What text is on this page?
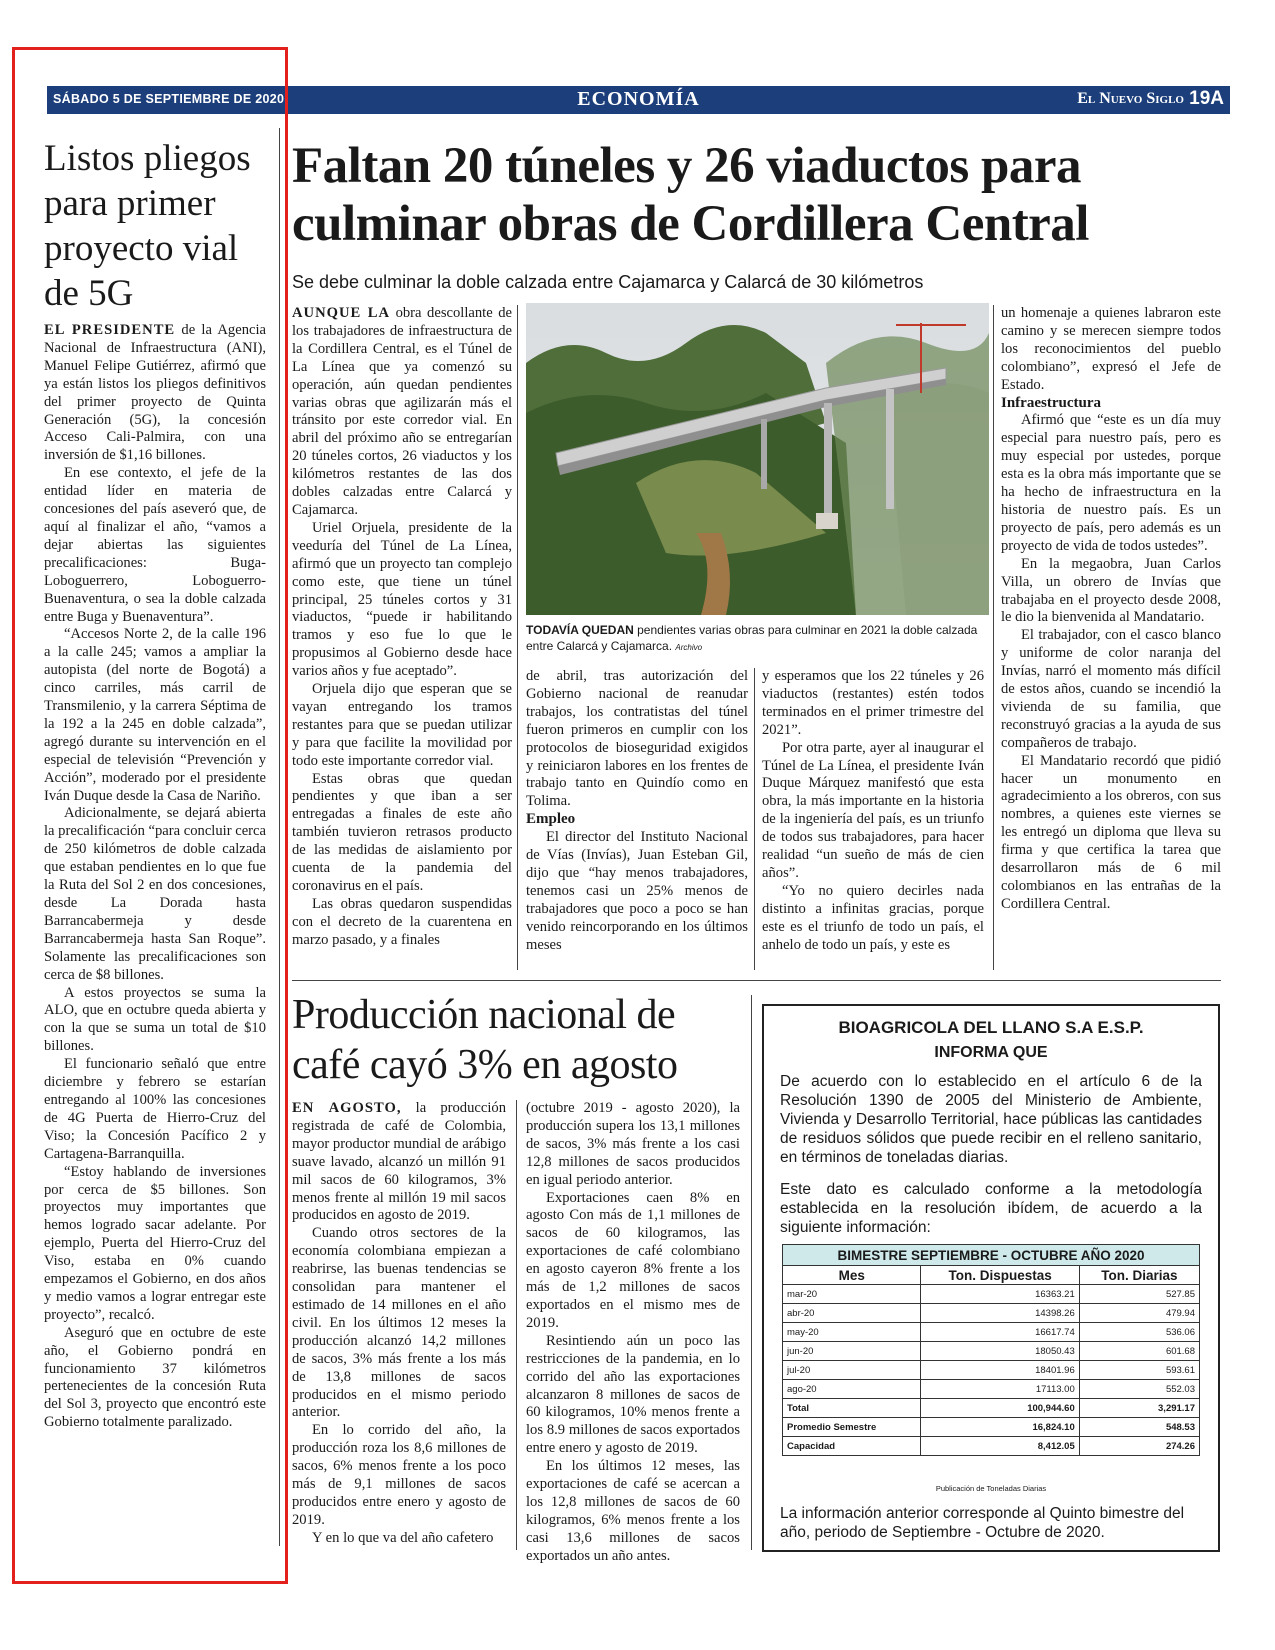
SÁBADO 5 DE SEPTIEMBRE DE 2020	ECONOMÍA	El Nuevo Siglo 19A
Listos pliegos para primer proyecto vial de 5G

EL PRESIDENTE de la Agencia Nacional de Infraestructura (ANI), Manuel Felipe Gutiérrez, afirmó que ya están listos los pliegos definitivos del primer proyecto de Quinta Generación (5G), la concesión Acceso Cali-Palmira, con una inversión de $1,16 billones.

En ese contexto, el jefe de la entidad líder en materia de concesiones del país aseveró que, de aquí al finalizar el año, “vamos a dejar abiertas las siguientes precalificaciones: Buga-Loboguerrero, Loboguerro-Buenaventura, o sea la doble calzada entre Buga y Buenaventura”.

“Accesos Norte 2, de la calle 196 a la calle 245; vamos a ampliar la autopista (del norte de Bogotá) a cinco carriles, más carril de Transmilenio, y la carrera Séptima de la 192 a la 245 en doble calzada”, agregó durante su intervención en el especial de televisión “Prevención y Acción”, moderado por el presidente Iván Duque desde la Casa de Nariño.

Adicionalmente, se dejará abierta la precalificación “para concluir cerca de 250 kilómetros de doble calzada que estaban pendientes en lo que fue la Ruta del Sol 2 en dos concesiones, desde La Dorada hasta Barrancabermeja y desde Barrancabermeja hasta San Roque”. Solamente las precalificaciones son cerca de $8 billones.

A estos proyectos se suma la ALO, que en octubre queda abierta y con la que se suma un total de $10 billones.

El funcionario señaló que entre diciembre y febrero se estarían entregando al 100% las concesiones de 4G Puerta de Hierro-Cruz del Viso; la Concesión Pacífico 2 y Cartagena-Barranquilla.

“Estoy hablando de inversiones por cerca de $5 billones. Son proyectos muy importantes que hemos logrado sacar adelante. Por ejemplo, Puerta del Hierro-Cruz del Viso, estaba en 0% cuando empezamos el Gobierno, en dos años y medio vamos a lograr entregar este proyecto”, recalcó.

Aseguró que en octubre de este año, el Gobierno pondrá en funcionamiento 37 kilómetros pertenecientes de la concesión Ruta del Sol 3, proyecto que encontró este Gobierno totalmente paralizado.

Faltan 20 túneles y 26 viaductos para culminar obras de Cordillera Central
Se debe culminar la doble calzada entre Cajamarca y Calarcá de 30 kilómetros

AUNQUE LA obra descollante de los trabajadores de infraestructura de la Cordillera Central, es el Túnel de La Línea que ya comenzó su operación, aún quedan pendientes varias obras que agilizarán más el tránsito por este corredor vial. En abril del próximo año se entregarían 20 túneles cortos, 26 viaductos y los kilómetros restantes de las dos dobles calzadas entre Calarcá y Cajamarca.

Uriel Orjuela, presidente de la veeduría del Túnel de La Línea, afirmó que un proyecto tan complejo como este, que tiene un túnel principal, 25 túneles cortos y 31 viaductos, “puede ir habilitando tramos y eso fue lo que le propusimos al Gobierno desde hace varios años y fue aceptado”.

Orjuela dijo que esperan que se vayan entregando los tramos restantes para que se puedan utilizar y para que facilite la movilidad por todo este importante corredor vial.

Estas obras que quedan pendientes y que iban a ser entregadas a finales de este año también tuvieron retrasos producto de las medidas de aislamiento por cuenta de la pandemia del coronavirus en el país.

Las obras quedaron suspendidas con el decreto de la cuarentena en marzo pasado, y a finales

TODAVÍA QUEDAN pendientes varias obras para culminar en 2021 la doble calzada entre Calarcá y Cajamarca. Archivo

de abril, tras autorización del Gobierno nacional de reanudar trabajos, los contratistas del túnel fueron primeros en cumplir con los protocolos de bioseguridad exigidos y reiniciaron labores en los frentes de trabajo tanto en Quindío como en Tolima.

Empleo

El director del Instituto Nacional de Vías (Invías), Juan Esteban Gil, dijo que “hay menos trabajadores, tenemos casi un 25% menos de trabajadores que poco a poco se han venido reincorporando en los últimos meses

y esperamos que los 22 túneles y 26 viaductos (restantes) estén todos terminados en el primer trimestre del 2021”.

Por otra parte, ayer al inaugurar el Túnel de La Línea, el presidente Iván Duque Márquez manifestó que esta obra, la más importante en la historia de la ingeniería del país, es un triunfo de todos sus trabajadores, para hacer realidad “un sueño de más de cien años”.

“Yo no quiero decirles nada distinto a infinitas gracias, porque este es el triunfo de todo un país, el anhelo de todo un país, y este es

un homenaje a quienes labraron este camino y se merecen siempre todos los reconocimientos del pueblo colombiano”, expresó el Jefe de Estado.

Infraestructura

Afirmó que “este es un día muy especial para nuestro país, pero es muy especial por ustedes, porque esta es la obra más importante que se ha hecho de infraestructura en la historia de nuestro país. Es un proyecto de país, pero además es un proyecto de vida de todos ustedes”.

En la megaobra, Juan Carlos Villa, un obrero de Invías que trabajaba en el proyecto desde 2008, le dio la bienvenida al Mandatario.

El trabajador, con el casco blanco y uniforme de color naranja del Invías, narró el momento más difícil de estos años, cuando se incendió la vivienda de su familia, que reconstruyó gracias a la ayuda de sus compañeros de trabajo.

El Mandatario recordó que pidió hacer un monumento en agradecimiento a los obreros, con sus nombres, a quienes este viernes se les entregó un diploma que lleva su firma y que certifica la tarea que desarrollaron más de 6 mil colombianos en las entrañas de la Cordillera Central.

Producción nacional de café cayó 3% en agosto

EN AGOSTO, la producción registrada de café de Colombia, mayor productor mundial de arábigo suave lavado, alcanzó un millón 91 mil sacos de 60 kilogramos, 3% menos frente al millón 19 mil sacos producidos en agosto de 2019.

Cuando otros sectores de la economía colombiana empiezan a reabrirse, las buenas tendencias se consolidan para mantener el estimado de 14 millones en el año civil. En los últimos 12 meses la producción alcanzó 14,2 millones de sacos, 3% más frente a los más de 13,8 millones de sacos producidos en el mismo periodo anterior.

En lo corrido del año, la producción roza los 8,6 millones de sacos, 6% menos frente a los poco más de 9,1 millones de sacos producidos entre enero y agosto de 2019.

Y en lo que va del año cafetero

(octubre 2019 - agosto 2020), la producción supera los 13,1 millones de sacos, 3% más frente a los casi 12,8 millones de sacos producidos en igual periodo anterior.

Exportaciones caen 8% en agosto Con más de 1,1 millones de sacos de 60 kilogramos, las exportaciones de café colombiano en agosto cayeron 8% frente a los más de 1,2 millones de sacos exportados en el mismo mes de 2019.

Resintiendo aún un poco las restricciones de la pandemia, en lo corrido del año las exportaciones alcanzaron 8 millones de sacos de 60 kilogramos, 10% menos frente a los 8.9 millones de sacos exportados entre enero y agosto de 2019.

En los últimos 12 meses, las exportaciones de café se acercan a los 12,8 millones de sacos de 60 kilogramos, 6% menos frente a los casi 13,6 millones de sacos exportados un año antes.

BIOAGRICOLA DEL LLANO S.A E.S.P.
INFORMA QUE
De acuerdo con lo establecido en el artículo 6 de la Resolución 1390 de 2005 del Ministerio de Ambiente, Vivienda y Desarrollo Territorial, hace públicas las cantidades de residuos sólidos que puede recibir en el relleno sanitario, en términos de toneladas diarias.
Este dato es calculado conforme a la metodología establecida en la resolución ibídem, de acuerdo a la siguiente información:
BIMESTRE SEPTIEMBRE - OCTUBRE AÑO 2020		
Mes	Ton. Dispuestas	Ton. Diarias
mar-20	16363.21	527.85
abr-20	14398.26	479.94
may-20	16617.74	536.06
jun-20	18050.43	601.68
jul-20	18401.96	593.61
ago-20	17113.00	552.03
Total	100,944.60	3,291.17
Promedio Semestre	16,824.10	548.53
Capacidad	8,412.05	274.26
Publicación de Toneladas Diarias
La información anterior corresponde al Quinto bimestre del año, periodo de Septiembre - Octubre de 2020.
